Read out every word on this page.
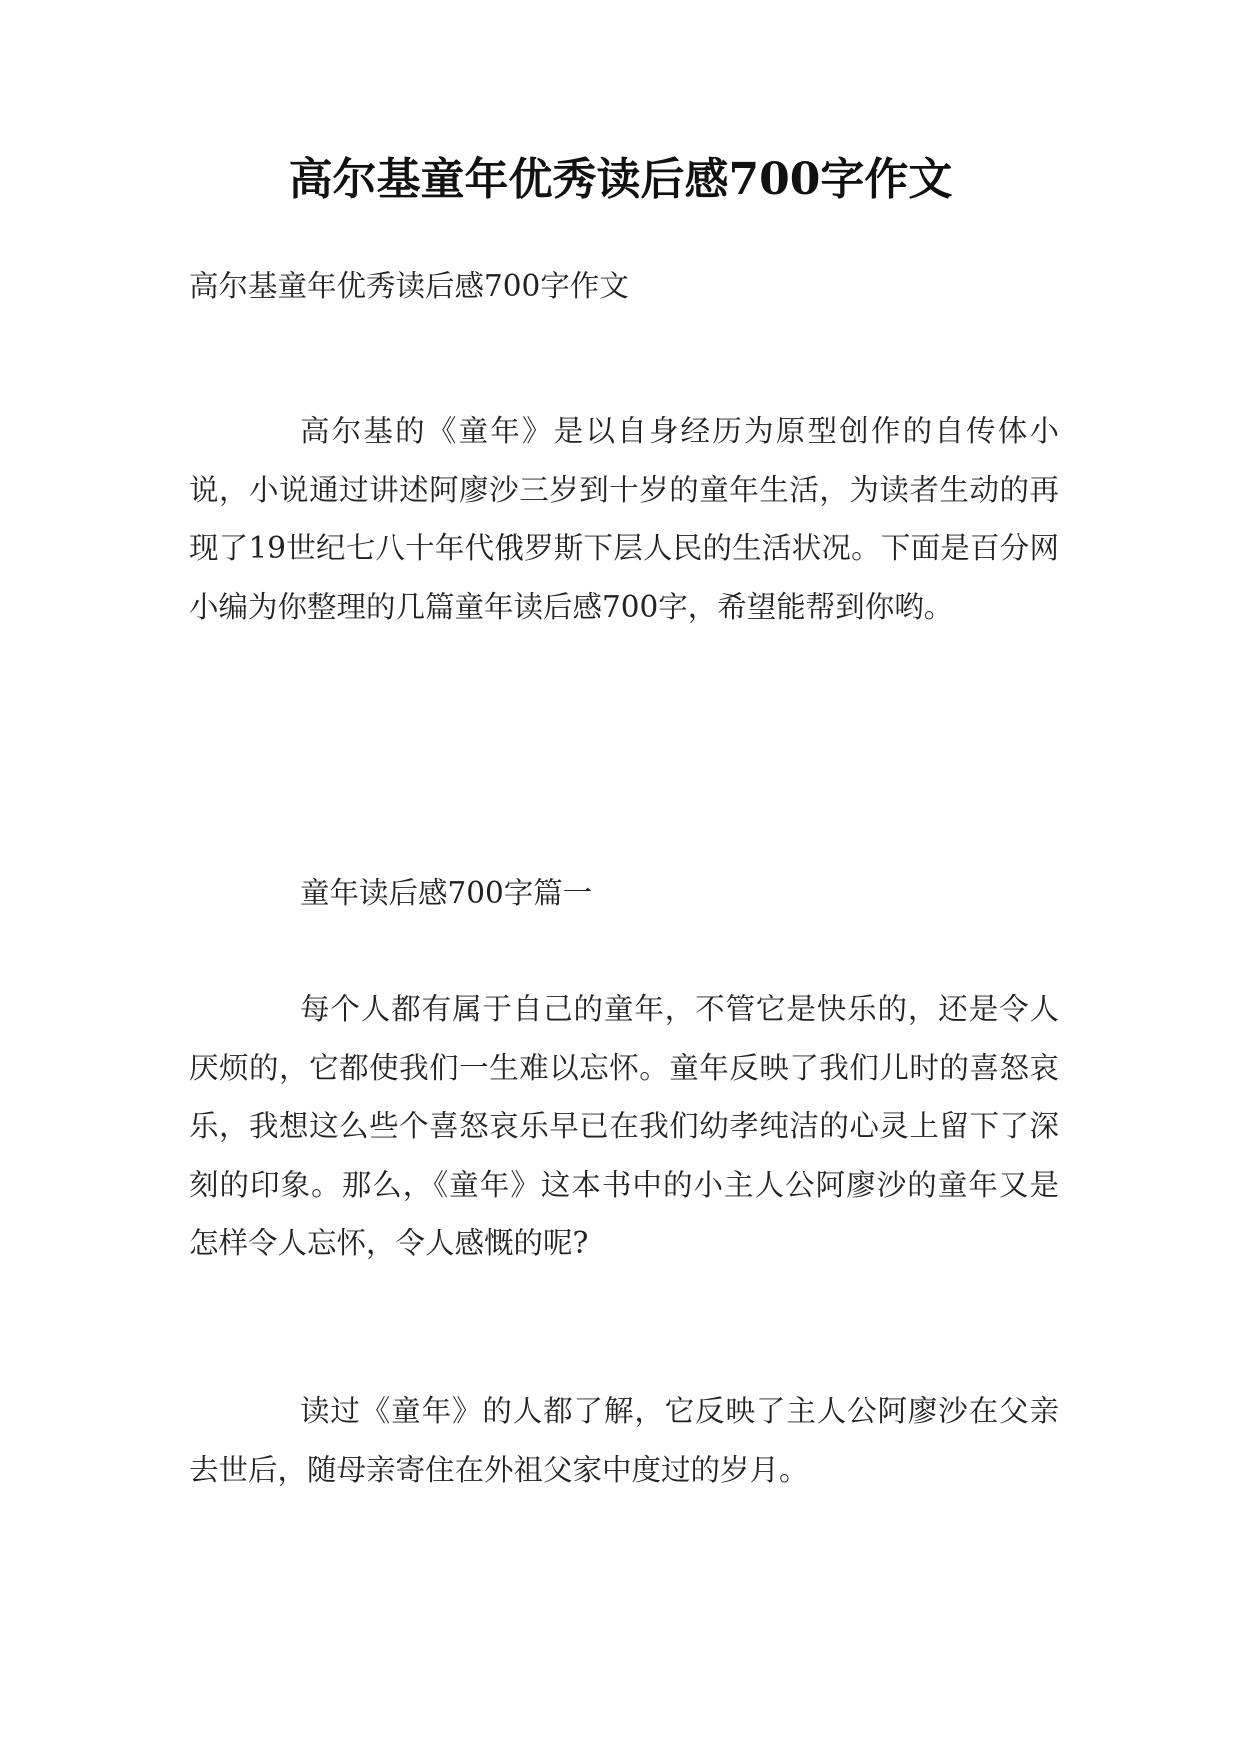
高尔基童年优秀读后感700字作文

高尔基童年优秀读后感700字作文

高尔基的《童年》是以自身经历为原型创作的自传体小说，小说通过讲述阿廖沙三岁到十岁的童年生活，为读者生动的再现了19世纪七八十年代俄罗斯下层人民的生活状况。下面是百分网小编为你整理的几篇童年读后感700字，希望能帮到你哟。

童年读后感700字篇一

每个人都有属于自己的童年，不管它是快乐的，还是令人厌烦的，它都使我们一生难以忘怀。童年反映了我们儿时的喜怒哀乐，我想这么些个喜怒哀乐早已在我们幼孝纯洁的心灵上留下了深刻的印象。那么，《童年》这本书中的小主人公阿廖沙的童年又是怎样令人忘怀，令人感慨的呢?

读过《童年》的人都了解，它反映了主人公阿廖沙在父亲去世后，随母亲寄住在外祖父家中度过的岁月。
